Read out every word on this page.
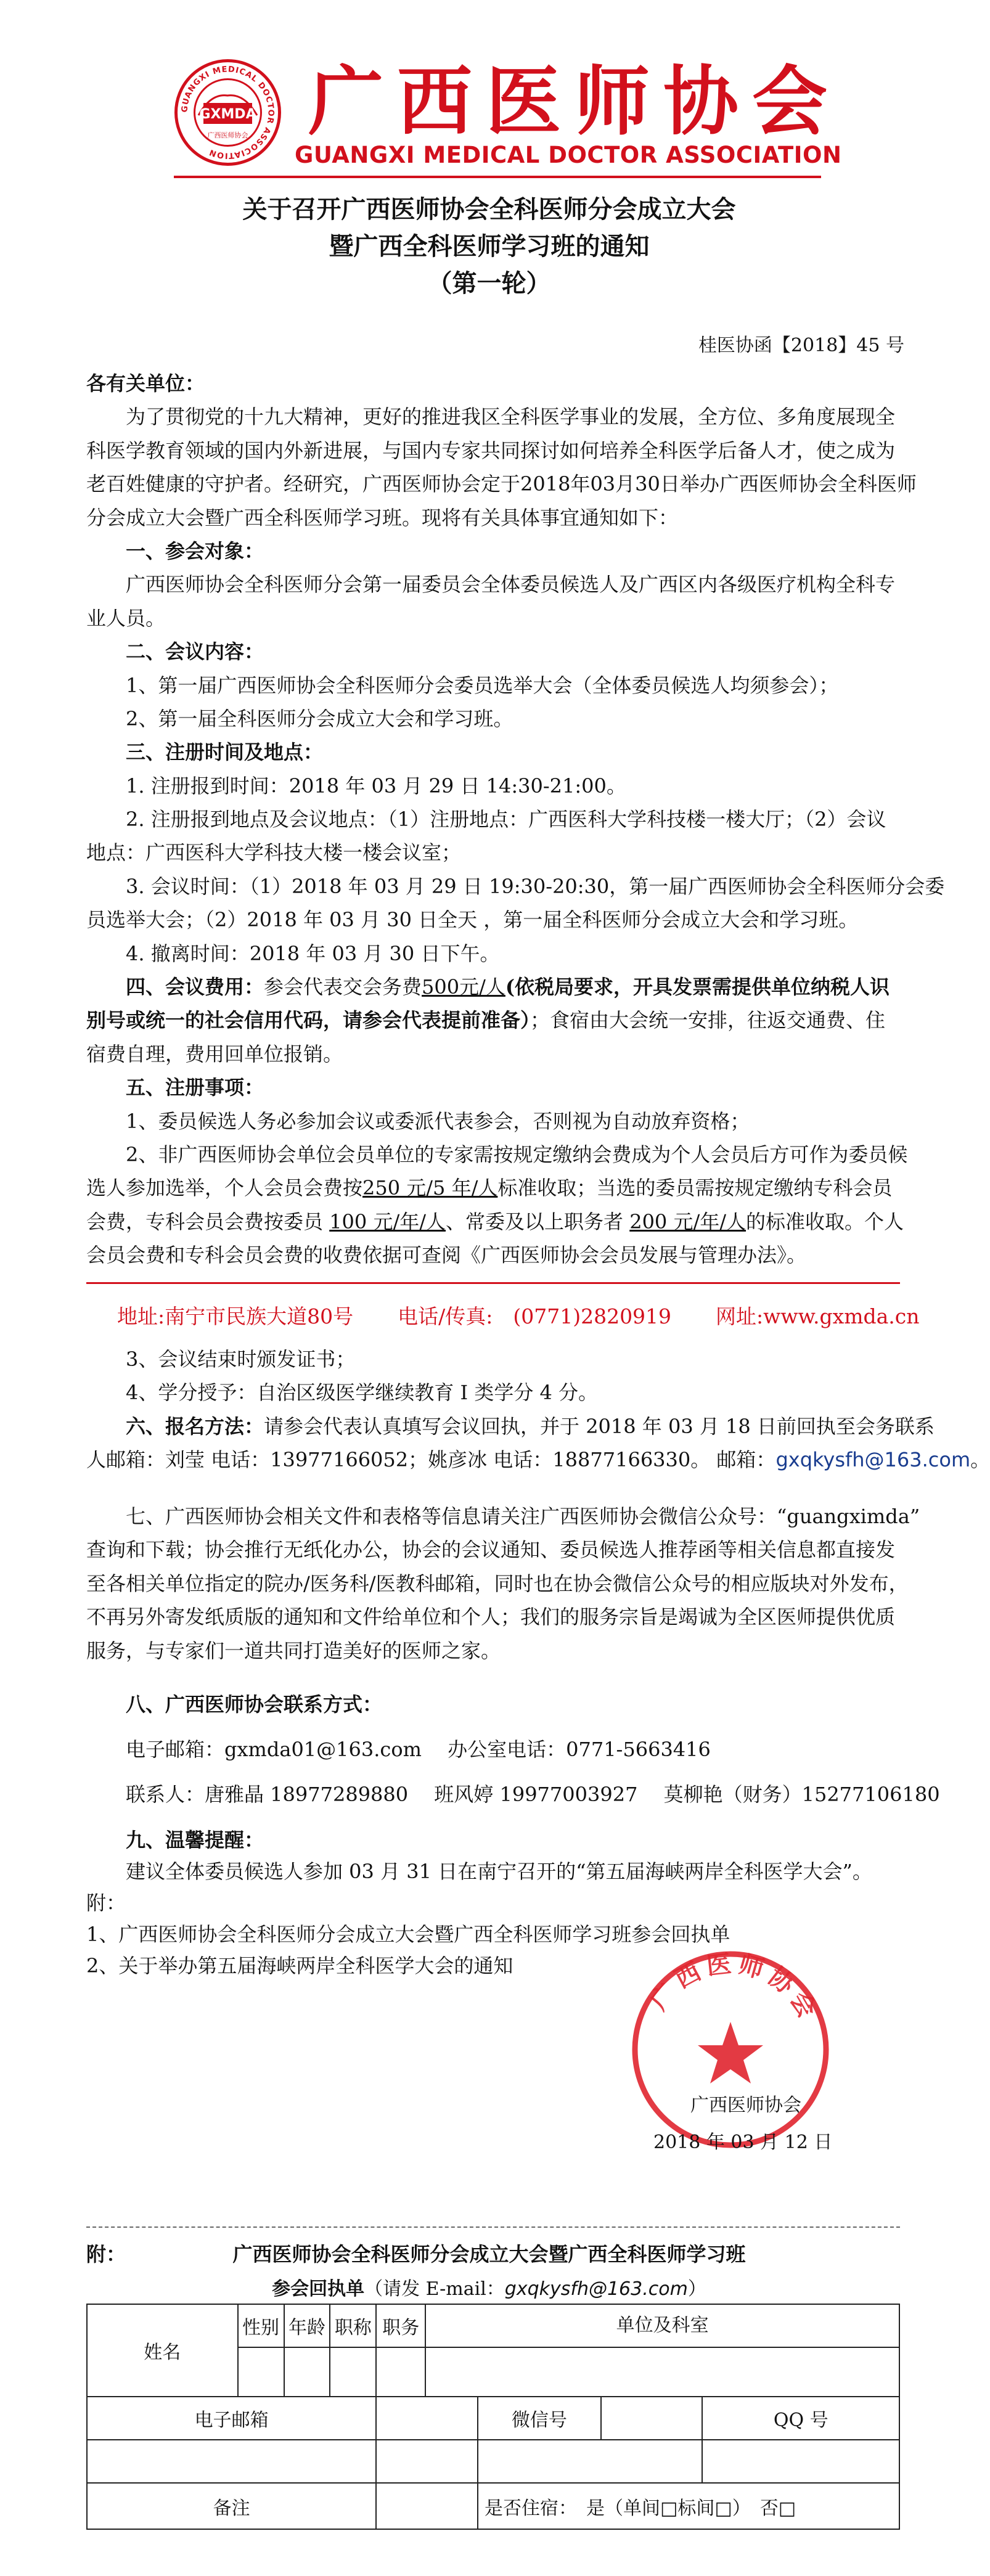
GUANGXI MEDICAL DOCTOR ASSOCIATION
GXMDA
广西医师协会 广西医师协会
GUANGXI MEDICAL DOCTOR ASSOCIATION
关于召开广西医师协会全科医师分会成立大会
暨广西全科医师学习班的通知
（第一轮）
桂医协函【2018】45 号

各有关单位：

为了贯彻党的十九大精神，更好的推进我区全科医学事业的发展，全方位、多角度展现全

科医学教育领域的国内外新进展，与国内专家共同探讨如何培养全科医学后备人才，使之成为

老百姓健康的守护者。经研究，广西医师协会定于2018年03月30日举办广西医师协会全科医师

分会成立大会暨广西全科医师学习班。现将有关具体事宜通知如下：

一、参会对象：

广西医师协会全科医师分会第一届委员会全体委员候选人及广西区内各级医疗机构全科专

业人员。

二、会议内容：

1、第一届广西医师协会全科医师分会委员选举大会（全体委员候选人均须参会）；

2、第一届全科医师分会成立大会和学习班。

三、注册时间及地点：

1. 注册报到时间：2018 年 03 月 29 日 14:30-21:00。

2. 注册报到地点及会议地点：（1）注册地点：广西医科大学科技楼一楼大厅；（2）会议

地点：广西医科大学科技大楼一楼会议室；

3. 会议时间：（1）2018 年 03 月 29 日 19:30-20:30，第一届广西医师协会全科医师分会委

员选举大会；（2）2018 年 03 月 30 日全天 ，第一届全科医师分会成立大会和学习班。

4. 撤离时间：2018 年 03 月 30 日下午。

四、会议费用：参会代表交会务费500元/人(依税局要求，开具发票需提供单位纳税人识

别号或统一的社会信用代码，请参会代表提前准备）；食宿由大会统一安排，往返交通费、住

宿费自理，费用回单位报销。

五、注册事项：

1、委员候选人务必参加会议或委派代表参会，否则视为自动放弃资格；

2、非广西医师协会单位会员单位的专家需按规定缴纳会费成为个人会员后方可作为委员候

选人参加选举，个人会员会费按250 元/5 年/人标准收取；当选的委员需按规定缴纳专科会员

会费，专科会员会费按委员 100 元/年/人、常委及以上职务者 200 元/年/人的标准收取。个人

会员会费和专科会员会费的收费依据可查阅《广西医师协会会员发展与管理办法》。

地址:南宁市民族大道80号 电话/传真:　(0771)2820919 网址:www.gxmda.cn

3、会议结束时颁发证书；

4、学分授予：自治区级医学继续教育 I 类学分 4 分。

六、报名方法：请参会代表认真填写会议回执，并于 2018 年 03 月 18 日前回执至会务联系

人邮箱：刘莹 电话：13977166052；姚彦冰 电话：18877166330。 邮箱：gxqkysfh@163.com。

七、广西医师协会相关文件和表格等信息请关注广西医师协会微信公众号：“guangximda”

查询和下载；协会推行无纸化办公，协会的会议通知、委员候选人推荐函等相关信息都直接发

至各相关单位指定的院办/医务科/医教科邮箱，同时也在协会微信公众号的相应版块对外发布，

不再另外寄发纸质版的通知和文件给单位和个人；我们的服务宗旨是竭诚为全区医师提供优质

服务，与专家们一道共同打造美好的医师之家。

八、广西医师协会联系方式：

电子邮箱：gxmda01@163.com　 办公室电话：0771-5663416

联系人：唐雅晶 18977289880　 班风婷 19977003927　 莫柳艳（财务）15277106180

九、温馨提醒：

建议全体委员候选人参加 03 月 31 日在南宁召开的“第五届海峡两岸全科医学大会”。

附：

1、广西医师协会全科医师分会成立大会暨广西全科医师学习班参会回执单

2、关于举办第五届海峡两岸全科医学大会的通知

广西医师协会
广西医师协会
2018 年 03 月 12 日
附：	广西医师协会全科医师分会成立大会暨广西全科医师学习班
参会回执单（请发 E-mail：gxqkysfh@163.com）
姓名	性别	年龄	职称	职务	单位及科室			

电子邮箱						微信号		QQ 号

备注						是否住宿：　是（单间□标间□）　否□		
